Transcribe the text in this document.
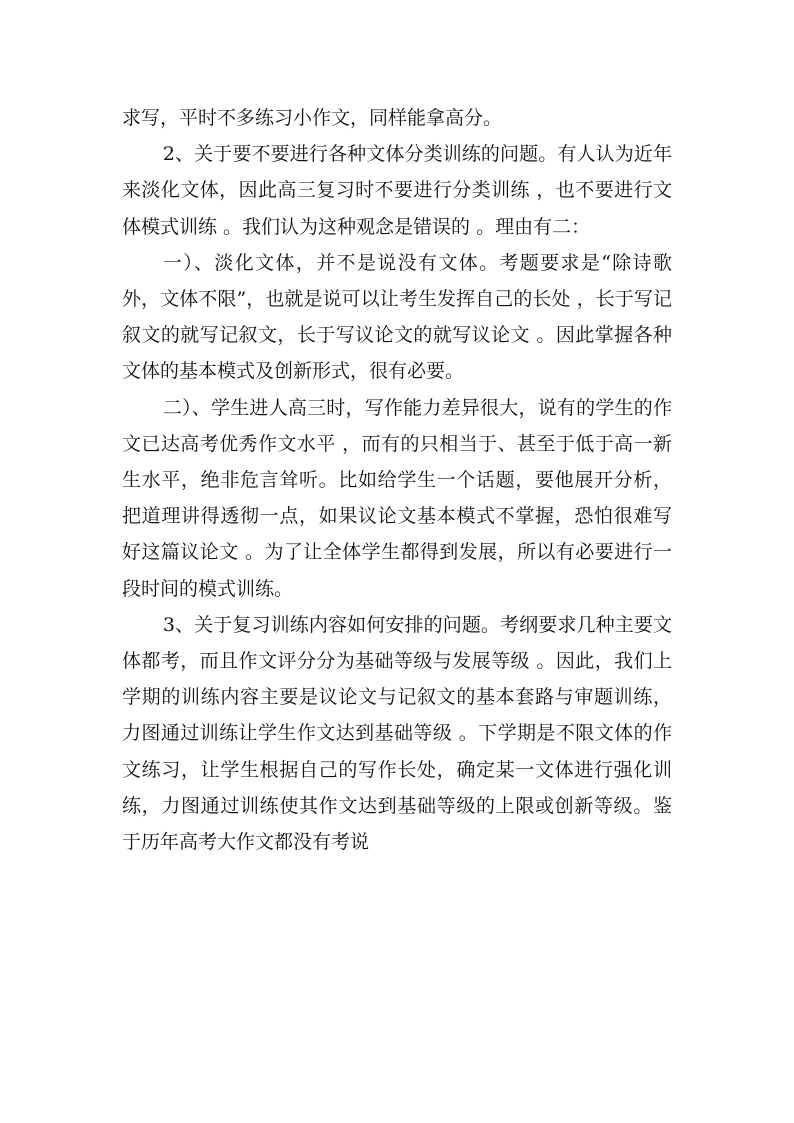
求写，平时不多练习小作文，同样能拿高分。

2、关于要不要进行各种文体分类训练的问题。有人认为近年来淡化文体，因此高三复习时不要进行分类训练 ，也不要进行文体模式训练 。我们认为这种观念是错误的 。理由有二：

一）、淡化文体，并不是说没有文体。考题要求是“除诗歌外，文体不限”，也就是说可以让考生发挥自己的长处 ，长于写记叙文的就写记叙文，长于写议论文的就写议论文 。因此掌握各种文体的基本模式及创新形式，很有必要。

二）、学生进人高三时，写作能力差异很大，说有的学生的作文已达高考优秀作文水平 ，而有的只相当于、甚至于低于高一新生水平，绝非危言耸听。比如给学生一个话题，要他展开分析，把道理讲得透彻一点，如果议论文基本模式不掌握，恐怕很难写好这篇议论文 。为了让全体学生都得到发展，所以有必要进行一段时间的模式训练。

3、关于复习训练内容如何安排的问题。考纲要求几种主要文体都考，而且作文评分分为基础等级与发展等级 。因此，我们上学期的训练内容主要是议论文与记叙文的基本套路与审题训练，力图通过训练让学生作文达到基础等级 。下学期是不限文体的作文练习，让学生根据自己的写作长处，确定某一文体进行强化训练，力图通过训练使其作文达到基础等级的上限或创新等级。鉴于历年高考大作文都没有考说
